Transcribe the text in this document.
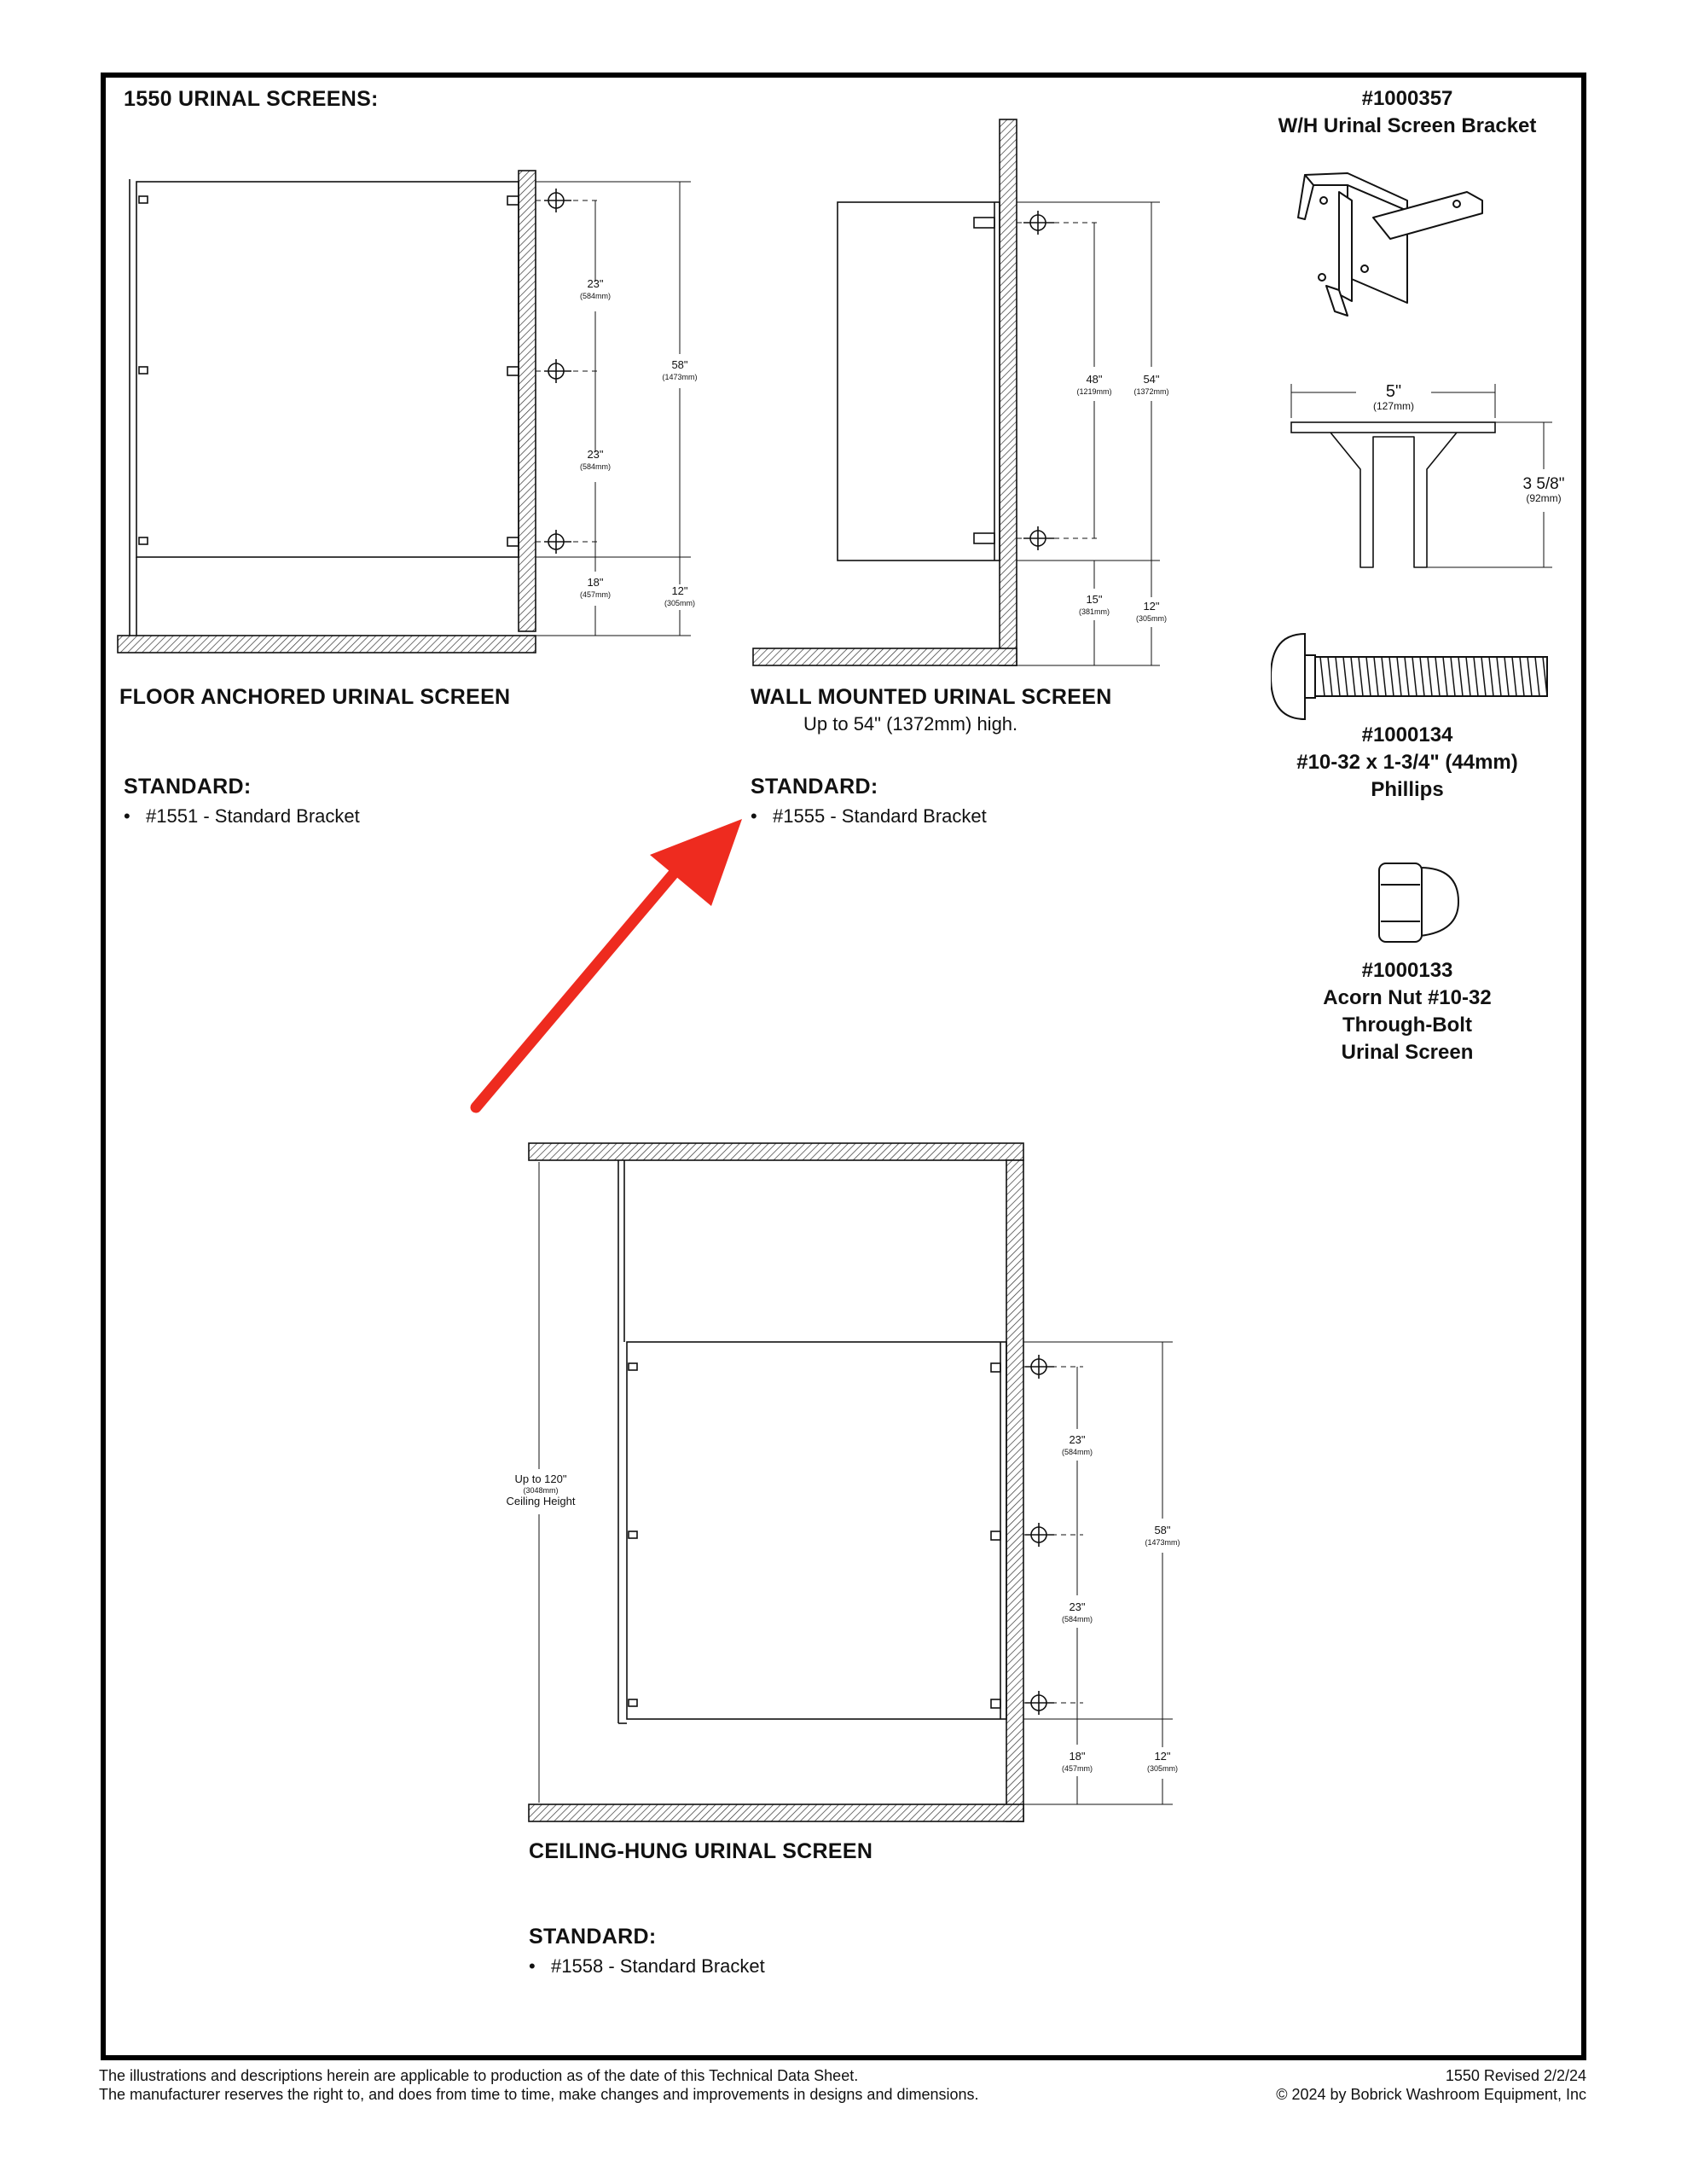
1550 URINAL SCREENS:
23"
(584mm)
23"
(584mm)
18"
(457mm)
58"
(1473mm)
12"
(305mm)
FLOOR ANCHORED URINAL SCREEN
STANDARD:
• #1551 - Standard Bracket
48"
(1219mm)
54"
(1372mm)
15"
(381mm)	12"
(305mm)
WALL MOUNTED URINAL SCREEN
Up to 54" (1372mm) high.
STANDARD:
• #1555 - Standard Bracket
#1000357
W/H Urinal Screen Bracket
5"
(127mm)
3 5/8"
(92mm)
#1000134
#10-32 x 1-3/4" (44mm)
Phillips
#1000133
Acorn Nut #10-32
Through-Bolt
Urinal Screen
23"
(584mm)
23"
(584mm)
18"
(457mm)
58"
(1473mm)
12"
(305mm)
Up to 120"
(3048mm)
Ceiling Height
CEILING-HUNG URINAL SCREEN
STANDARD:
• #1558 - Standard Bracket
The illustrations and descriptions herein are applicable to production as of the date of this Technical Data Sheet.
The manufacturer reserves the right to, and does from time to time, make changes and improvements in designs and dimensions.
1550 Revised 2/2/24
© 2024 by Bobrick Washroom Equipment, Inc
